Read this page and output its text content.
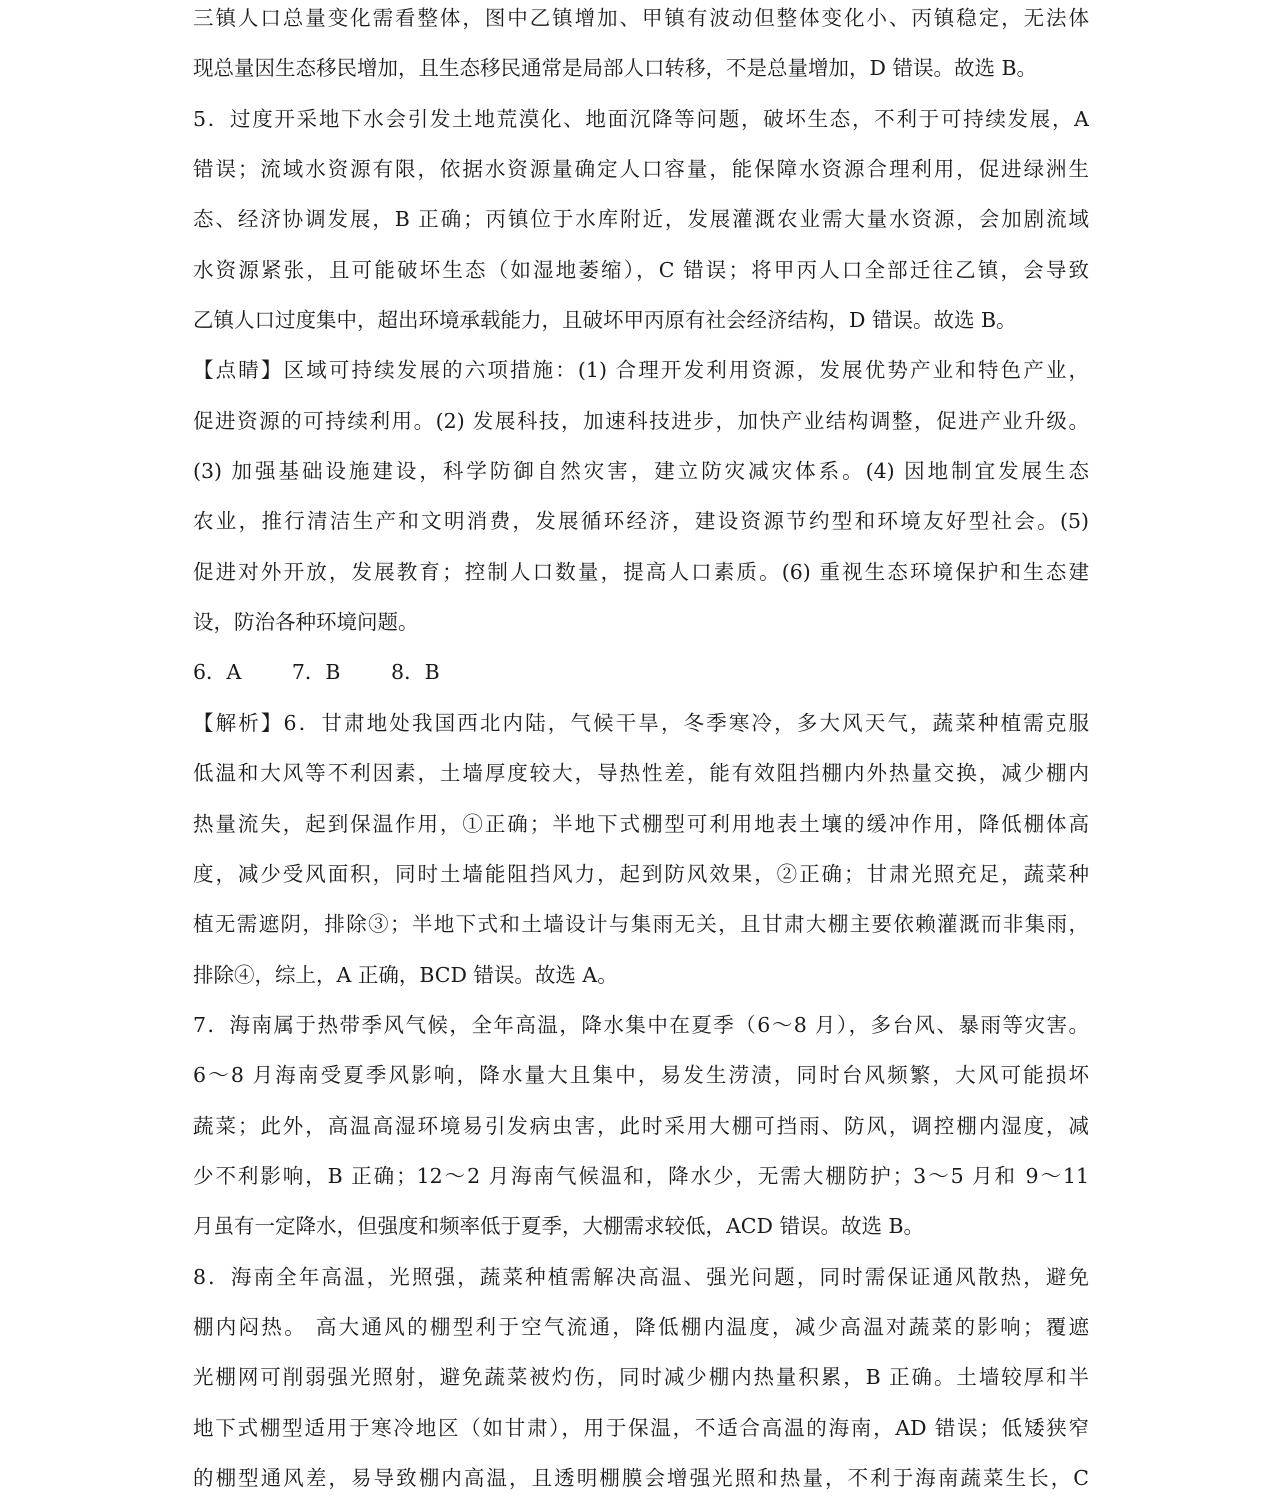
三镇人口总量变化需看整体，图中乙镇增加、甲镇有波动但整体变化小、丙镇稳定，无法体
现总量因生态移民增加，且生态移民通常是局部人口转移，不是总量增加，D 错误。故选 B。
5．过度开采地下水会引发土地荒漠化、地面沉降等问题，破坏生态，不利于可持续发展，A
错误；流域水资源有限，依据水资源量确定人口容量，能保障水资源合理利用，促进绿洲生
态、经济协调发展，B 正确；丙镇位于水库附近，发展灌溉农业需大量水资源，会加剧流域
水资源紧张，且可能破坏生态（如湿地萎缩），C 错误；将甲丙人口全部迁往乙镇，会导致
乙镇人口过度集中，超出环境承载能力，且破坏甲丙原有社会经济结构，D 错误。故选 B。
【点睛】区域可持续发展的六项措施：(1) 合理开发利用资源，发展优势产业和特色产业，
促进资源的可持续利用。(2) 发展科技，加速科技进步，加快产业结构调整，促进产业升级。
(3) 加强基础设施建设，科学防御自然灾害，建立防灾减灾体系。(4) 因地制宜发展生态
农业，推行清洁生产和文明消费，发展循环经济，建设资源节约型和环境友好型社会。(5)
促进对外开放，发展教育；控制人口数量，提高人口素质。(6) 重视生态环境保护和生态建
设，防治各种环境问题。
6．A 7．B 8．B
【解析】6．甘肃地处我国西北内陆，气候干旱，冬季寒冷，多大风天气，蔬菜种植需克服
低温和大风等不利因素，土墙厚度较大，导热性差，能有效阻挡棚内外热量交换，减少棚内
热量流失，起到保温作用，①正确；半地下式棚型可利用地表土壤的缓冲作用，降低棚体高
度，减少受风面积，同时土墙能阻挡风力，起到防风效果，②正确；甘肃光照充足，蔬菜种
植无需遮阴，排除③；半地下式和土墙设计与集雨无关，且甘肃大棚主要依赖灌溉而非集雨，
排除④，综上，A 正确，BCD 错误。故选 A。
7．海南属于热带季风气候，全年高温，降水集中在夏季（6～8 月），多台风、暴雨等灾害。
6～8 月海南受夏季风影响，降水量大且集中，易发生涝渍，同时台风频繁，大风可能损坏
蔬菜；此外，高温高湿环境易引发病虫害，此时采用大棚可挡雨、防风，调控棚内湿度，减
少不利影响，B 正确；12～2 月海南气候温和，降水少，无需大棚防护；3～5 月和 9～11
月虽有一定降水，但强度和频率低于夏季，大棚需求较低，ACD 错误。故选 B。
8．海南全年高温，光照强，蔬菜种植需解决高温、强光问题，同时需保证通风散热，避免
棚内闷热。 高大通风的棚型利于空气流通，降低棚内温度，减少高温对蔬菜的影响；覆遮
光棚网可削弱强光照射，避免蔬菜被灼伤，同时减少棚内热量积累，B 正确。土墙较厚和半
地下式棚型适用于寒冷地区（如甘肃），用于保温，不适合高温的海南，AD 错误；低矮狭窄
的棚型通风差，易导致棚内高温，且透明棚膜会增强光照和热量，不利于海南蔬菜生长，C
